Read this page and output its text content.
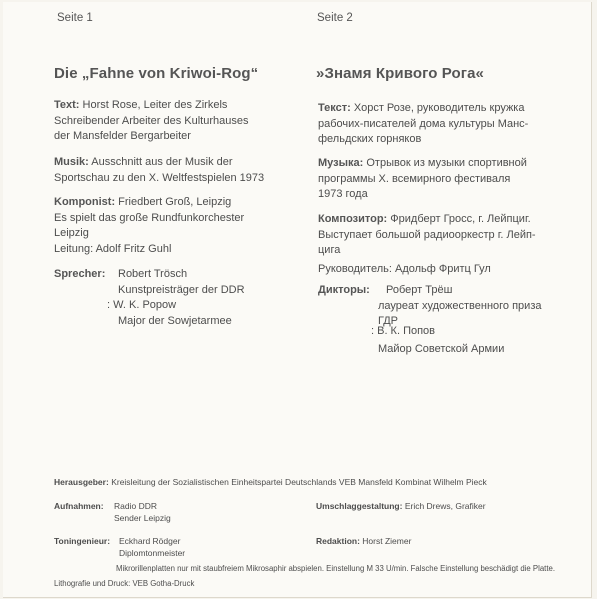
Seite 1
Die „Fahne von Kriwoi-Rog“
Text: Horst Rose, Leiter des Zirkels
Schreibender Arbeiter des Kulturhauses
der Mansfelder Bergarbeiter
Musik: Ausschnitt aus der Musik der
Sportschau zu den X. Weltfestspielen 1973
Komponist: Friedbert Groß, Leipzig
Es spielt das große Rundfunkorchester
Leipzig
Leitung: Adolf Fritz Guhl
Sprecher: Robert Trösch
Kunstpreisträger der DDR
: W. K. Popow
Major der Sowjetarmee
Seite 2
»Знамя Кривого Рога«
Текст: Хорст Розе, руководитель кружка
рабочих-писателей дома культуры Манс-
фельдских горняков
Музыка: Отрывок из музыки спортивной
программы X. всемирного фестиваля
1973 года
Композитор: Фридберт Гросс, г. Лейпциг.
Выступает большой радиооркестр г. Лейп-
цига
Руководитель: Адольф Фритц Гул
Дикторы: Роберт Трёш
лауреат художественного приза
ГДР
: В. К. Попов
Майор Советской Армии
Herausgeber: Kreisleitung der Sozialistischen Einheitspartei Deutschlands VEB Mansfeld Kombinat Wilhelm Pieck
Aufnahmen: Radio DDR
Sender Leipzig
Umschlaggestaltung: Erich Drews, Grafiker
Toningenieur: Eckhard Rödger
Diplomtonmeister
Redaktion: Horst Ziemer
Mikrorillenplatten nur mit staubfreiem Mikrosaphir abspielen. Einstellung M 33 U/min. Falsche Einstellung beschädigt die Platte.
Lithografie und Druck: VEB Gotha-Druck
